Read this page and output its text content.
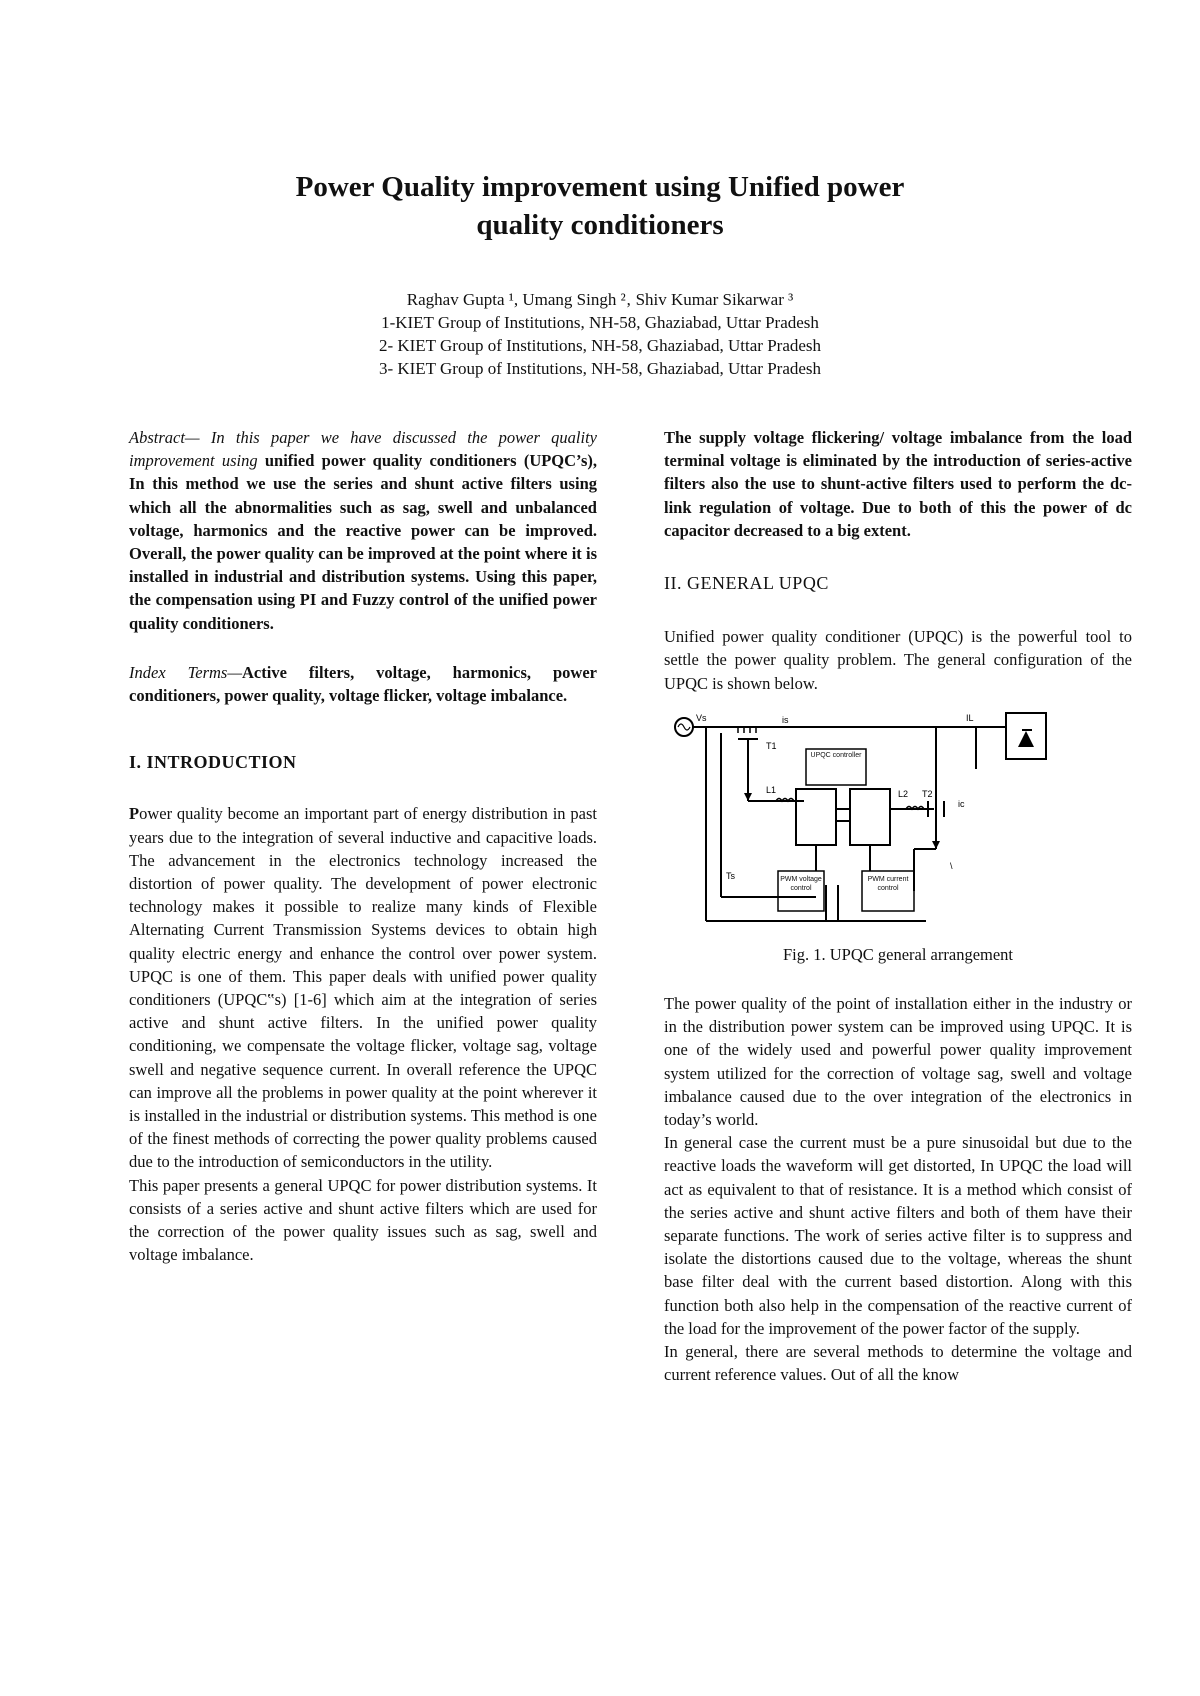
Power Quality improvement using Unified power
quality conditioners
Raghav Gupta ¹, Umang Singh ²‚ Shiv Kumar Sikarwar ³
1-KIET Group of Institutions, NH-58, Ghaziabad, Uttar Pradesh
2- KIET Group of Institutions, NH-58, Ghaziabad, Uttar Pradesh
3- KIET Group of Institutions, NH-58, Ghaziabad, Uttar Pradesh

Abstract— In this paper we have discussed the power quality improvement using unified power quality conditioners (UPQC’s), In this method we use the series and shunt active filters using which all the abnormalities such as sag, swell and unbalanced voltage, harmonics and the reactive power can be improved. Overall, the power quality can be improved at the point where it is installed in industrial and distribution systems. Using this paper, the compensation using PI and Fuzzy control of the unified power quality conditioners.

Index Terms—Active filters, voltage, harmonics, power conditioners, power quality, voltage flicker, voltage imbalance.

I. INTRODUCTION

Power quality become an important part of energy distribution in past years due to the integration of several inductive and capacitive loads. The advancement in the electronics technology increased the distortion of power quality. The development of power electronic technology makes it possible to realize many kinds of Flexible Alternating Current Transmission Systems devices to obtain high quality electric energy and enhance the control over power system. UPQC is one of them. This paper deals with unified power quality conditioners (UPQC‟s) [1-6] which aim at the integration of series active and shunt active filters. In the unified power quality conditioning, we compensate the voltage flicker, voltage sag, voltage swell and negative sequence current. In overall reference the UPQC can improve all the problems in power quality at the point wherever it is installed in the industrial or distribution systems. This method is one of the finest methods of correcting the power quality problems caused due to the introduction of semiconductors in the utility.

This paper presents a general UPQC for power distribution systems. It consists of a series active and shunt active filters which are used for the correction of the power quality issues such as sag, swell and voltage imbalance.

The supply voltage flickering/ voltage imbalance from the load terminal voltage is eliminated by the introduction of series-active filters also the use to shunt-active filters used to perform the dc-link regulation of voltage. Due to both of this the power of dc capacitor decreased to a big extent.

II. GENERAL UPQC

Unified power quality conditioner (UPQC) is the powerful tool to settle the power quality problem. The general configuration of the UPQC is shown below.

Vs	is	IL
T1
T2
L1	L2
ic
Ts
\
UPQC controller
PWM voltage control
PWM current control
Fig. 1. UPQC general arrangement

The power quality of the point of installation either in the industry or in the distribution power system can be improved using UPQC. It is one of the widely used and powerful power quality improvement system utilized for the correction of voltage sag, swell and voltage imbalance caused due to the over integration of the electronics in today’s world.

In general case the current must be a pure sinusoidal but due to the reactive loads the waveform will get distorted, In UPQC the load will act as equivalent to that of resistance. It is a method which consist of the series active and shunt active filters and both of them have their separate functions. The work of series active filter is to suppress and isolate the distortions caused due to the voltage, whereas the shunt base filter deal with the current based distortion. Along with this function both also help in the compensation of the reactive current of the load for the improvement of the power factor of the supply.

In general, there are several methods to determine the voltage and current reference values. Out of all the know
